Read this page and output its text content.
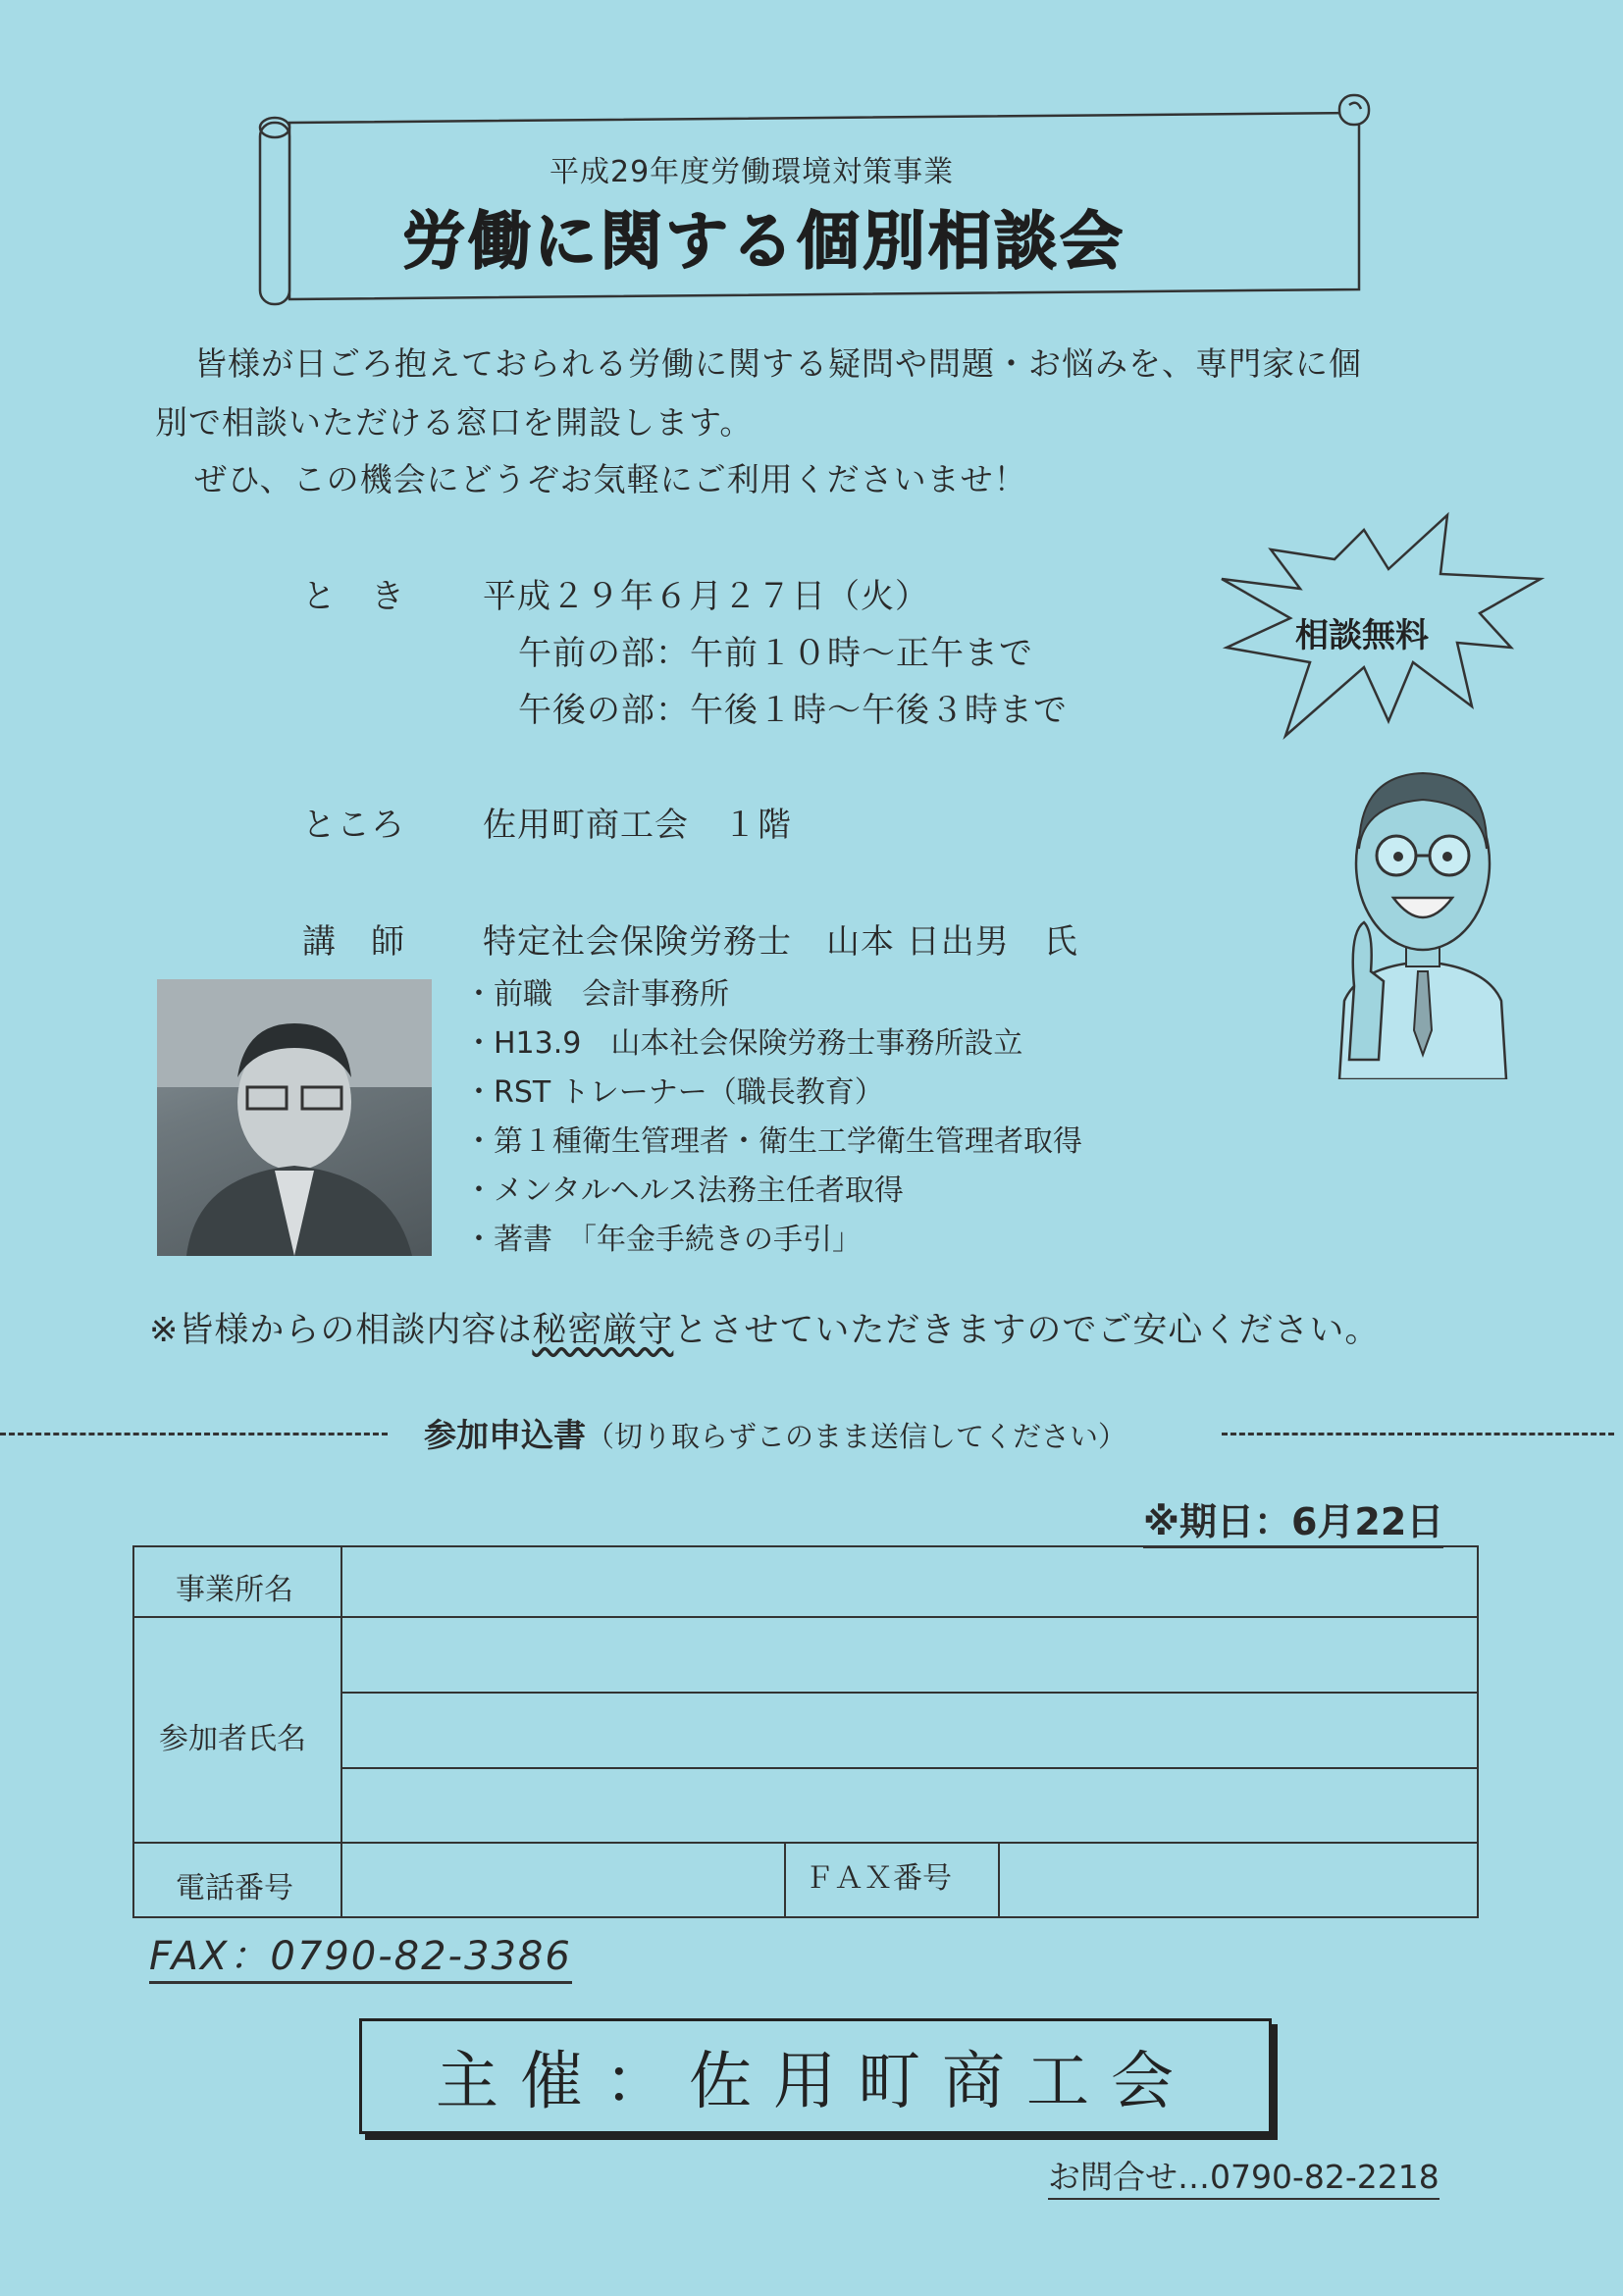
平成29年度労働環境対策事業
労働に関する個別相談会
皆様が日ごろ抱えておられる労働に関する疑問や問題・お悩みを、専門家に個
別で相談いただける窓口を開設します。
ぜひ、この機会にどうぞお気軽にご利用くださいませ！
と　き 平成２９年６月２７日（火）
午前の部：午前１０時～正午まで
午後の部：午後１時～午後３時まで
ところ 佐用町商工会　１階
講　師 特定社会保険労務士　山本 日出男　氏
相談無料
・前職　会計事務所
・H13.9　山本社会保険労務士事務所設立
・RST トレーナー（職長教育）
・第１種衛生管理者・衛生工学衛生管理者取得
・メンタルヘルス法務主任者取得
・著書　「年金手続きの手引」
※皆様からの相談内容は秘密厳守とさせていただきますのでご安心ください。
参加申込書（切り取らずこのまま送信してください）
※期日：6月22日
事業所名
参加者氏名
電話番号	ＦＡＸ番号
FAX：0790-82-3386
主催：佐用町商工会
お問合せ…0790-82-2218
